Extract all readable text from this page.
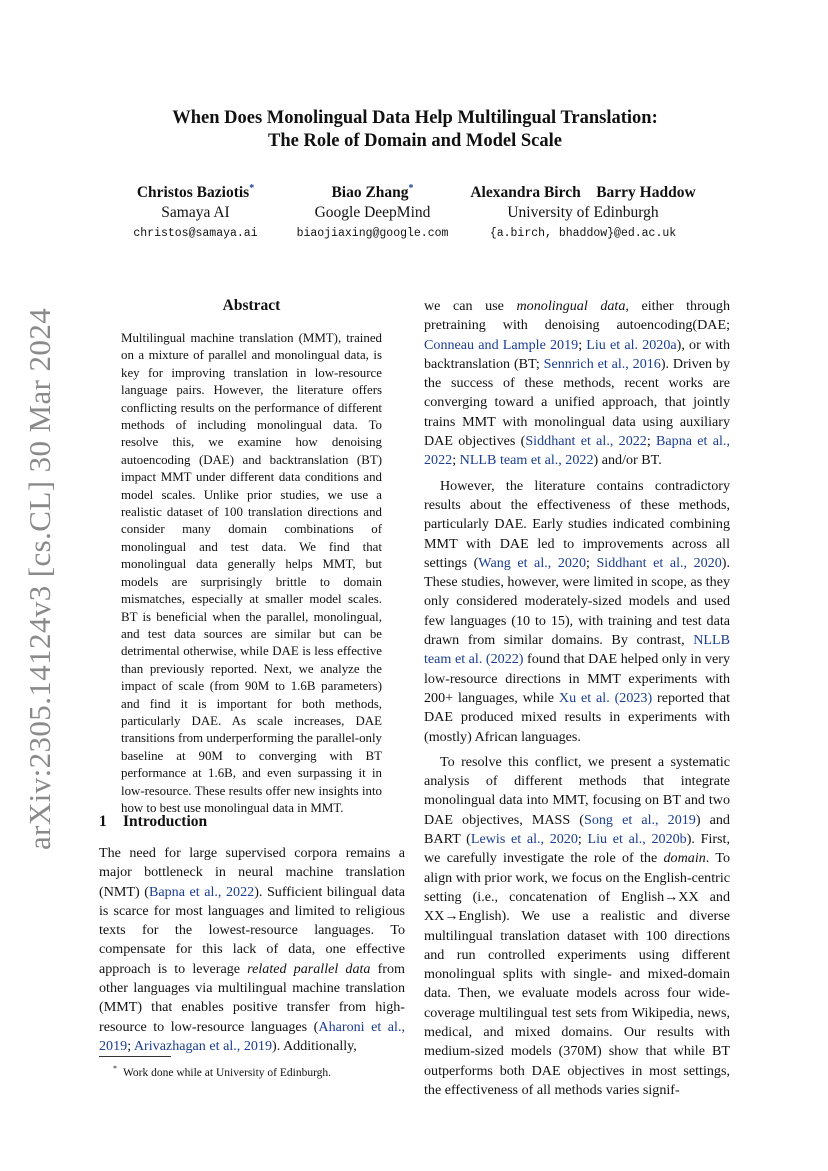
arXiv:2305.14124v3 [cs.CL] 30 Mar 2024
When Does Monolingual Data Help Multilingual Translation:
The Role of Domain and Model Scale
Christos Baziotis*
Samaya AI
christos@samaya.ai
Biao Zhang*
Google DeepMind
biaojiaxing@google.com
Alexandra Birch    Barry Haddow
University of Edinburgh
{a.birch, bhaddow}@ed.ac.uk
Abstract
Multilingual machine translation (MMT), trained on a mixture of parallel and monolingual data, is key for improving translation in low-resource language pairs. However, the literature offers conflicting results on the performance of different methods of including monolingual data. To resolve this, we examine how denoising autoencoding (DAE) and backtranslation (BT) impact MMT under different data conditions and model scales. Unlike prior studies, we use a realistic dataset of 100 translation directions and consider many domain combinations of monolingual and test data. We find that monolingual data generally helps MMT, but models are surprisingly brittle to domain mismatches, especially at smaller model scales. BT is beneficial when the parallel, monolingual, and test data sources are similar but can be detrimental otherwise, while DAE is less effective than previously reported. Next, we analyze the impact of scale (from 90M to 1.6B parameters) and find it is important for both methods, particularly DAE. As scale increases, DAE transitions from underperforming the parallel-only baseline at 90M to converging with BT performance at 1.6B, and even surpassing it in low-resource. These results offer new insights into how to best use monolingual data in MMT.
1 Introduction
The need for large supervised corpora remains a major bottleneck in neural machine translation (NMT) (Bapna et al., 2022). Sufficient bilingual data is scarce for most languages and limited to religious texts for the lowest-resource languages. To compensate for this lack of data, one effective approach is to leverage related parallel data from other languages via multilingual machine translation (MMT) that enables positive transfer from high-resource to low-resource languages (Aharoni et al., 2019; Arivazhagan et al., 2019). Additionally,

we can use monolingual data, either through pretraining with denoising autoencoding(DAE; Conneau and Lample 2019; Liu et al. 2020a), or with backtranslation (BT; Sennrich et al., 2016). Driven by the success of these methods, recent works are converging toward a unified approach, that jointly trains MMT with monolingual data using auxiliary DAE objectives (Siddhant et al., 2022; Bapna et al., 2022; NLLB team et al., 2022) and/or BT.

However, the literature contains contradictory results about the effectiveness of these methods, particularly DAE. Early studies indicated combining MMT with DAE led to improvements across all settings (Wang et al., 2020; Siddhant et al., 2020). These studies, however, were limited in scope, as they only considered moderately-sized models and used few languages (10 to 15), with training and test data drawn from similar domains. By contrast, NLLB team et al. (2022) found that DAE helped only in very low-resource directions in MMT experiments with 200+ languages, while Xu et al. (2023) reported that DAE produced mixed results in experiments with (mostly) African languages.

To resolve this conflict, we present a systematic analysis of different methods that integrate monolingual data into MMT, focusing on BT and two DAE objectives, MASS (Song et al., 2019) and BART (Lewis et al., 2020; Liu et al., 2020b). First, we carefully investigate the role of the domain. To align with prior work, we focus on the English-centric setting (i.e., concatenation of English→XX and XX→English). We use a realistic and diverse multilingual translation dataset with 100 directions and run controlled experiments using different monolingual splits with single- and mixed-domain data. Then, we evaluate models across four wide-coverage multilingual test sets from Wikipedia, news, medical, and mixed domains. Our results with medium-sized models (370M) show that while BT outperforms both DAE objectives in most settings, the effectiveness of all methods varies signif-

* Work done while at University of Edinburgh.
